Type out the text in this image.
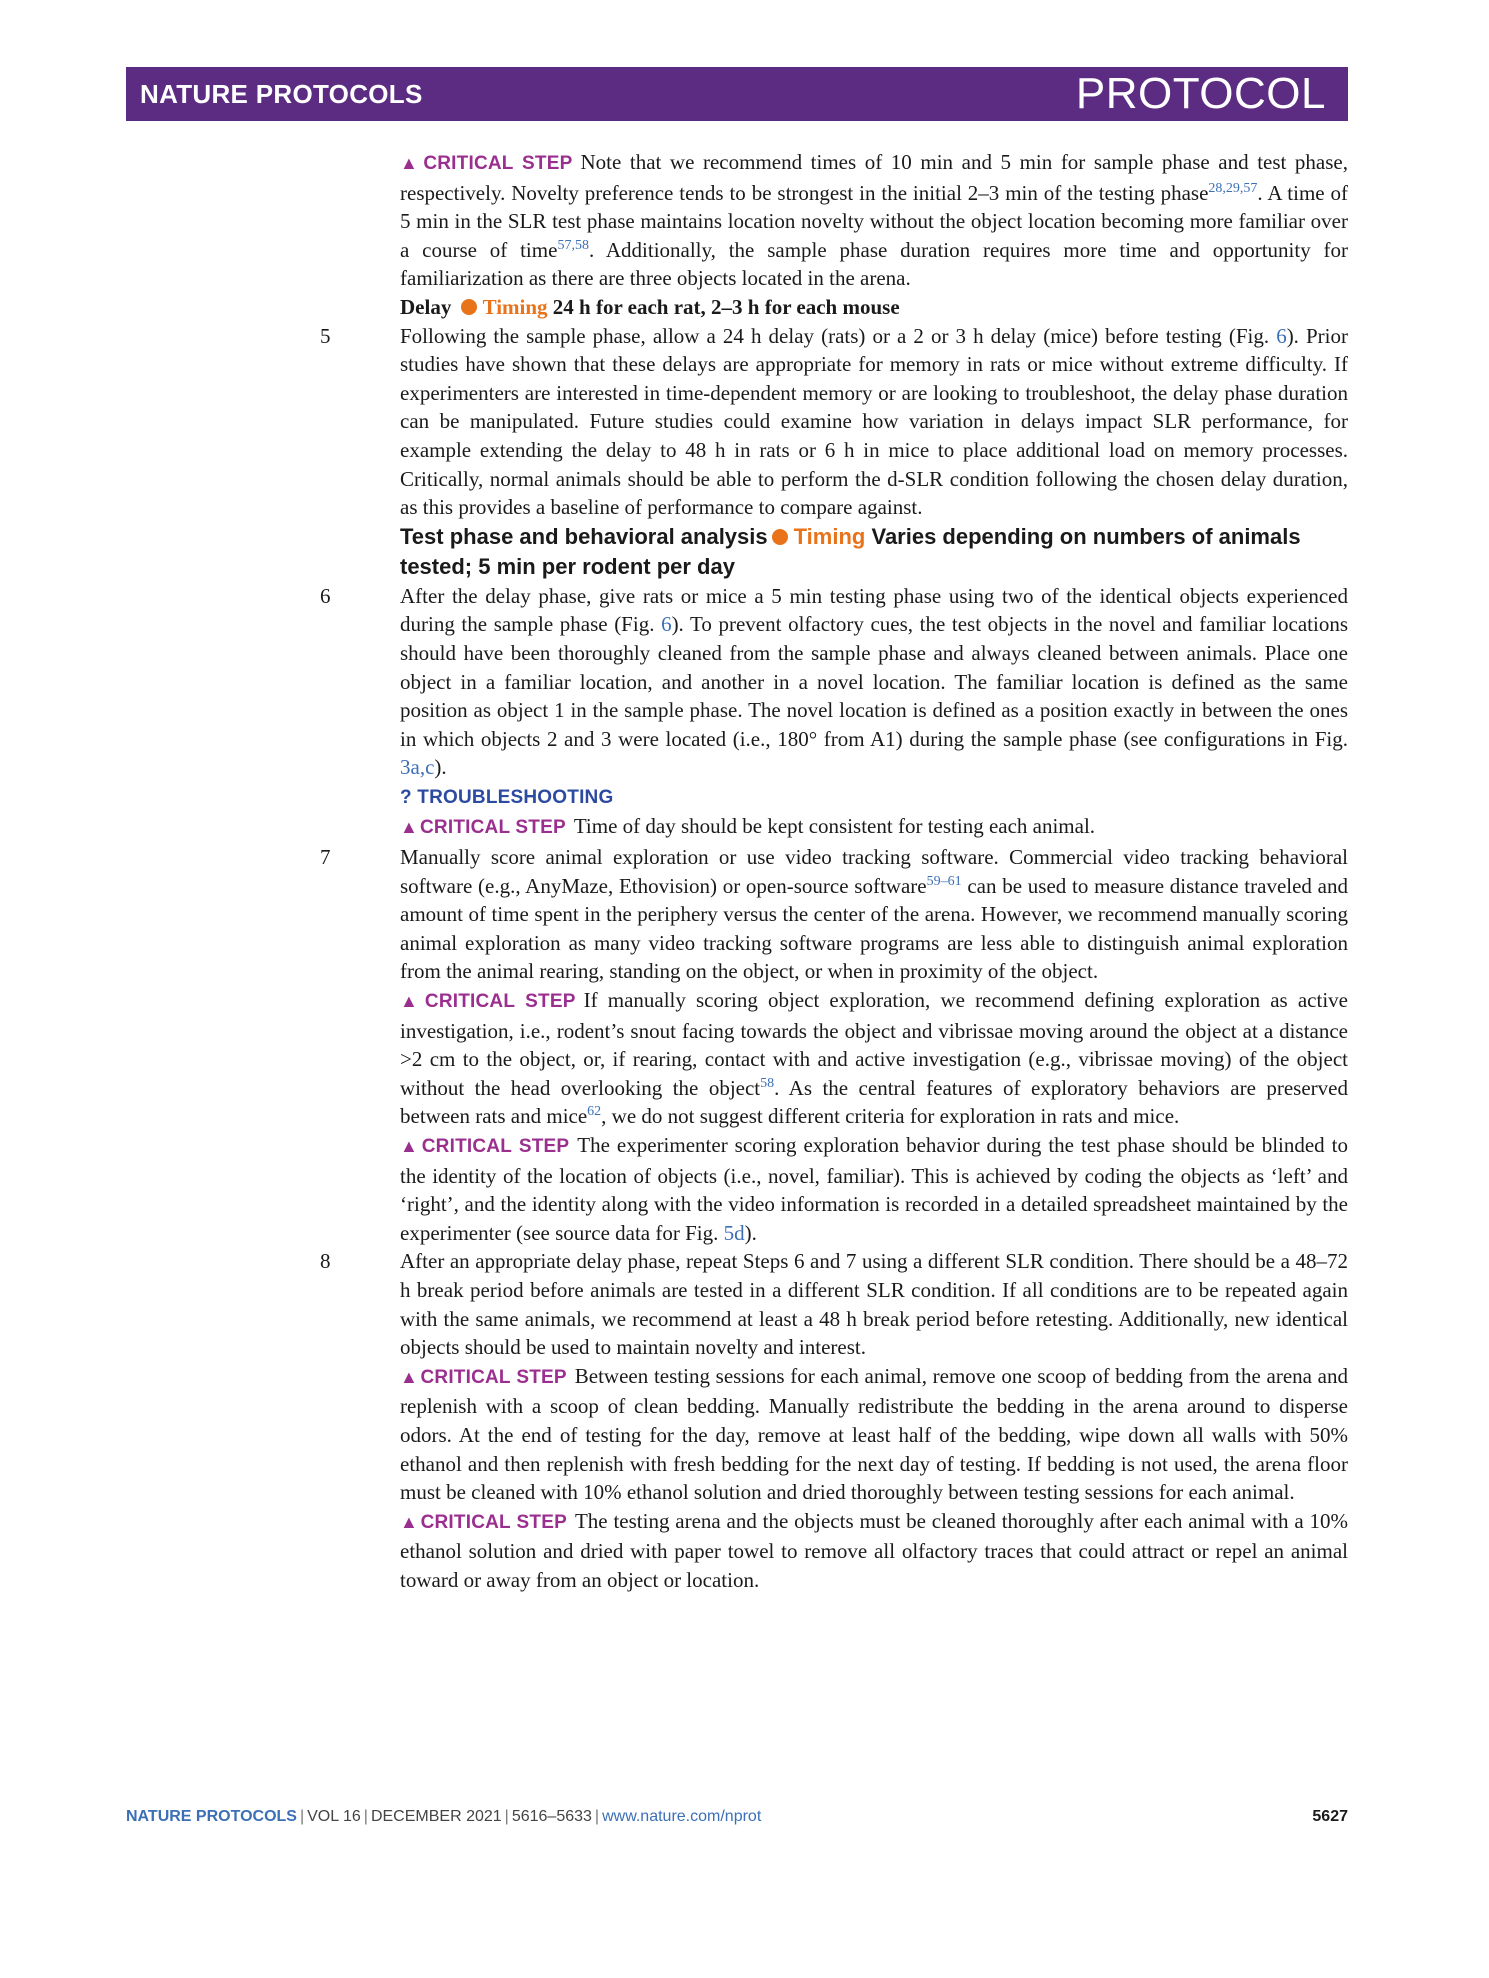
NATURE PROTOCOLS	PROTOCOL

▲ CRITICAL STEP Note that we recommend times of 10 min and 5 min for sample phase and test phase, respectively. Novelty preference tends to be strongest in the initial 2–3 min of the testing phase$^{28,29,57}$. A time of 5 min in the SLR test phase maintains location novelty without the object location becoming more familiar over a course of time$^{57,58}$. Additionally, the sample phase duration requires more time and opportunity for familiarization as there are three objects located in the arena.

Delay Timing 24 h for each rat, 2–3 h for each mouse

5	Following the sample phase, allow a 24 h delay (rats) or a 2 or 3 h delay (mice) before testing (Fig. 6). Prior studies have shown that these delays are appropriate for memory in rats or mice without extreme difficulty. If experimenters are interested in time-dependent memory or are looking to troubleshoot, the delay phase duration can be manipulated. Future studies could examine how variation in delays impact SLR performance, for example extending the delay to 48 h in rats or 6 h in mice to place additional load on memory processes. Critically, normal animals should be able to perform the d-SLR condition following the chosen delay duration, as this provides a baseline of performance to compare against.

Test phase and behavioral analysis Timing Varies depending on numbers of animals tested; 5 min per rodent per day

6	After the delay phase, give rats or mice a 5 min testing phase using two of the identical objects experienced during the sample phase (Fig. 6). To prevent olfactory cues, the test objects in the novel and familiar locations should have been thoroughly cleaned from the sample phase and always cleaned between animals. Place one object in a familiar location, and another in a novel location. The familiar location is defined as the same position as object 1 in the sample phase. The novel location is defined as a position exactly in between the ones in which objects 2 and 3 were located (i.e., 180° from A1) during the sample phase (see configurations in Fig. 3a,c).

? TROUBLESHOOTING

▲ CRITICAL STEP Time of day should be kept consistent for testing each animal.

7	Manually score animal exploration or use video tracking software. Commercial video tracking behavioral software (e.g., AnyMaze, Ethovision) or open-source software$^{59-61}$ can be used to measure distance traveled and amount of time spent in the periphery versus the center of the arena. However, we recommend manually scoring animal exploration as many video tracking software programs are less able to distinguish animal exploration from the animal rearing, standing on the object, or when in proximity of the object.

▲ CRITICAL STEP If manually scoring object exploration, we recommend defining exploration as active investigation, i.e., rodent’s snout facing towards the object and vibrissae moving around the object at a distance >2 cm to the object, or, if rearing, contact with and active investigation (e.g., vibrissae moving) of the object without the head overlooking the object$^{58}$. As the central features of exploratory behaviors are preserved between rats and mice$^{62}$, we do not suggest different criteria for exploration in rats and mice.

▲ CRITICAL STEP The experimenter scoring exploration behavior during the test phase should be blinded to the identity of the location of objects (i.e., novel, familiar). This is achieved by coding the objects as ‘left’ and ‘right’, and the identity along with the video information is recorded in a detailed spreadsheet maintained by the experimenter (see source data for Fig. 5d).

8	After an appropriate delay phase, repeat Steps 6 and 7 using a different SLR condition. There should be a 48–72 h break period before animals are tested in a different SLR condition. If all conditions are to be repeated again with the same animals, we recommend at least a 48 h break period before retesting. Additionally, new identical objects should be used to maintain novelty and interest.

▲ CRITICAL STEP Between testing sessions for each animal, remove one scoop of bedding from the arena and replenish with a scoop of clean bedding. Manually redistribute the bedding in the arena around to disperse odors. At the end of testing for the day, remove at least half of the bedding, wipe down all walls with 50% ethanol and then replenish with fresh bedding for the next day of testing. If bedding is not used, the arena floor must be cleaned with 10% ethanol solution and dried thoroughly between testing sessions for each animal.

▲ CRITICAL STEP The testing arena and the objects must be cleaned thoroughly after each animal with a 10% ethanol solution and dried with paper towel to remove all olfactory traces that could attract or repel an animal toward or away from an object or location.

NATURE PROTOCOLS | VOL 16 | DECEMBER 2021 | 5616–5633 | www.nature.com/nprot	5627
